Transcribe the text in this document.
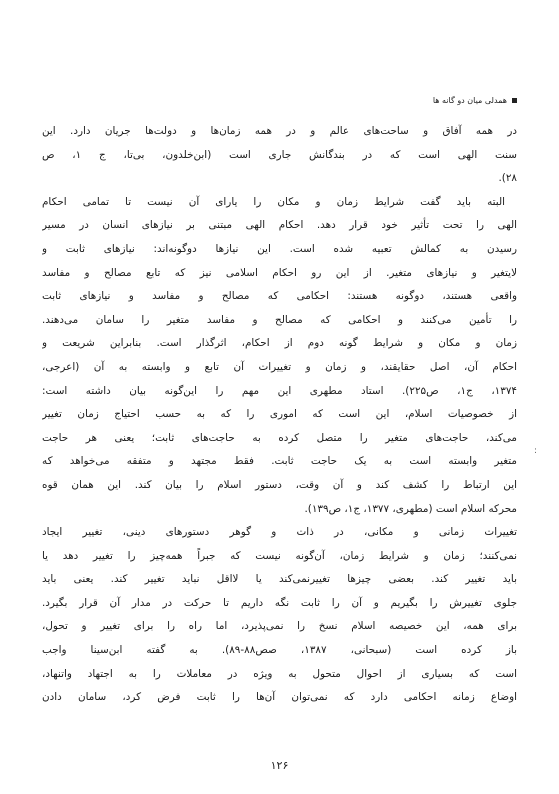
همدلی میان دو گانه ها
در همه آفاق و ساحت‌های عالم و در همه زمان‌ها و دولت‌ها جریان دارد. این
سنت الهی است که در بندگانش جاری است (ابن‌خلدون، بی‌تا، ج ۱، ص
۲۸).
البته باید گفت شرایط زمان و مکان را یارای آن نیست تا تمامی احکام
الهی را تحت تأثیر خود قرار دهد. احکام الهی مبتنی بر نیازهای انسان در مسیر
رسیدن به کمالش تعبیه شده است. این نیازها دوگونه‌اند: نیازهای ثابت و
لایتغیر و نیازهای متغیر. از این رو احکام اسلامی نیز که تابع مصالح و مفاسد
واقعی هستند، دوگونه هستند: احکامی که مصالح و مفاسد و نیازهای ثابت
را تأمین می‌کنند و احکامی که مصالح و مفاسد متغیر را سامان می‌دهند.
زمان و مکان و شرایط گونه دوم از احکام، اثرگذار است. بنابراین شریعت و
احکام آن، اصل حقایقند، و زمان و تغییرات آن تابع و وابسته به آن (اعرجی،
۱۳۷۴، ج۱، ص۲۲۵). استاد مطهری این مهم را این‌گونه بیان داشته است:
از خصوصیات اسلام، این است که اموری را که به حسب احتیاج زمان تغییر
می‌کند، حاجت‌های متغیر را متصل کرده به حاجت‌های ثابت؛ یعنی هر حاجت
متغیر وابسته است به یک حاجت ثابت. فقط مجتهد و متفقه می‌خواهد که
این ارتباط را کشف کند و آن وقت، دستور اسلام را بیان کند. این همان قوه
محرکه اسلام است (مطهری، ۱۳۷۷، ج۱، ص۱۳۹).
تغییرات زمانی و مکانی، در ذات و گوهر دستورهای دینی، تغییر ایجاد
نمی‌کنند؛ زمان و شرایط زمان، آن‌گونه نیست که جبراً همه‌چیز را تغییر دهد یا
باید تغییر کند. بعضی چیزها تغییرنمی‌کند یا لااقل نباید تغییر کند. یعنی باید
جلوی تغییرش را بگیریم و آن را ثابت نگه داریم تا حرکت در مدار آن قرار بگیرد.
برای همه، این خصیصه اسلام نسخ را نمی‌پذیرد، اما راه را برای تغییر و تحول،
باز کرده است (سبحانی، ۱۳۸۷، صص۸۸-۸۹). به گفته ابن‌سینا واجب
است که بسیاری از احوال متحول به ویژه در معاملات را به اجتهاد واتنهاد،
اوضاع زمانه احکامی دارد که نمی‌توان آن‌ها را ثابت فرض کرد، سامان دادن
:
۱۲۶
